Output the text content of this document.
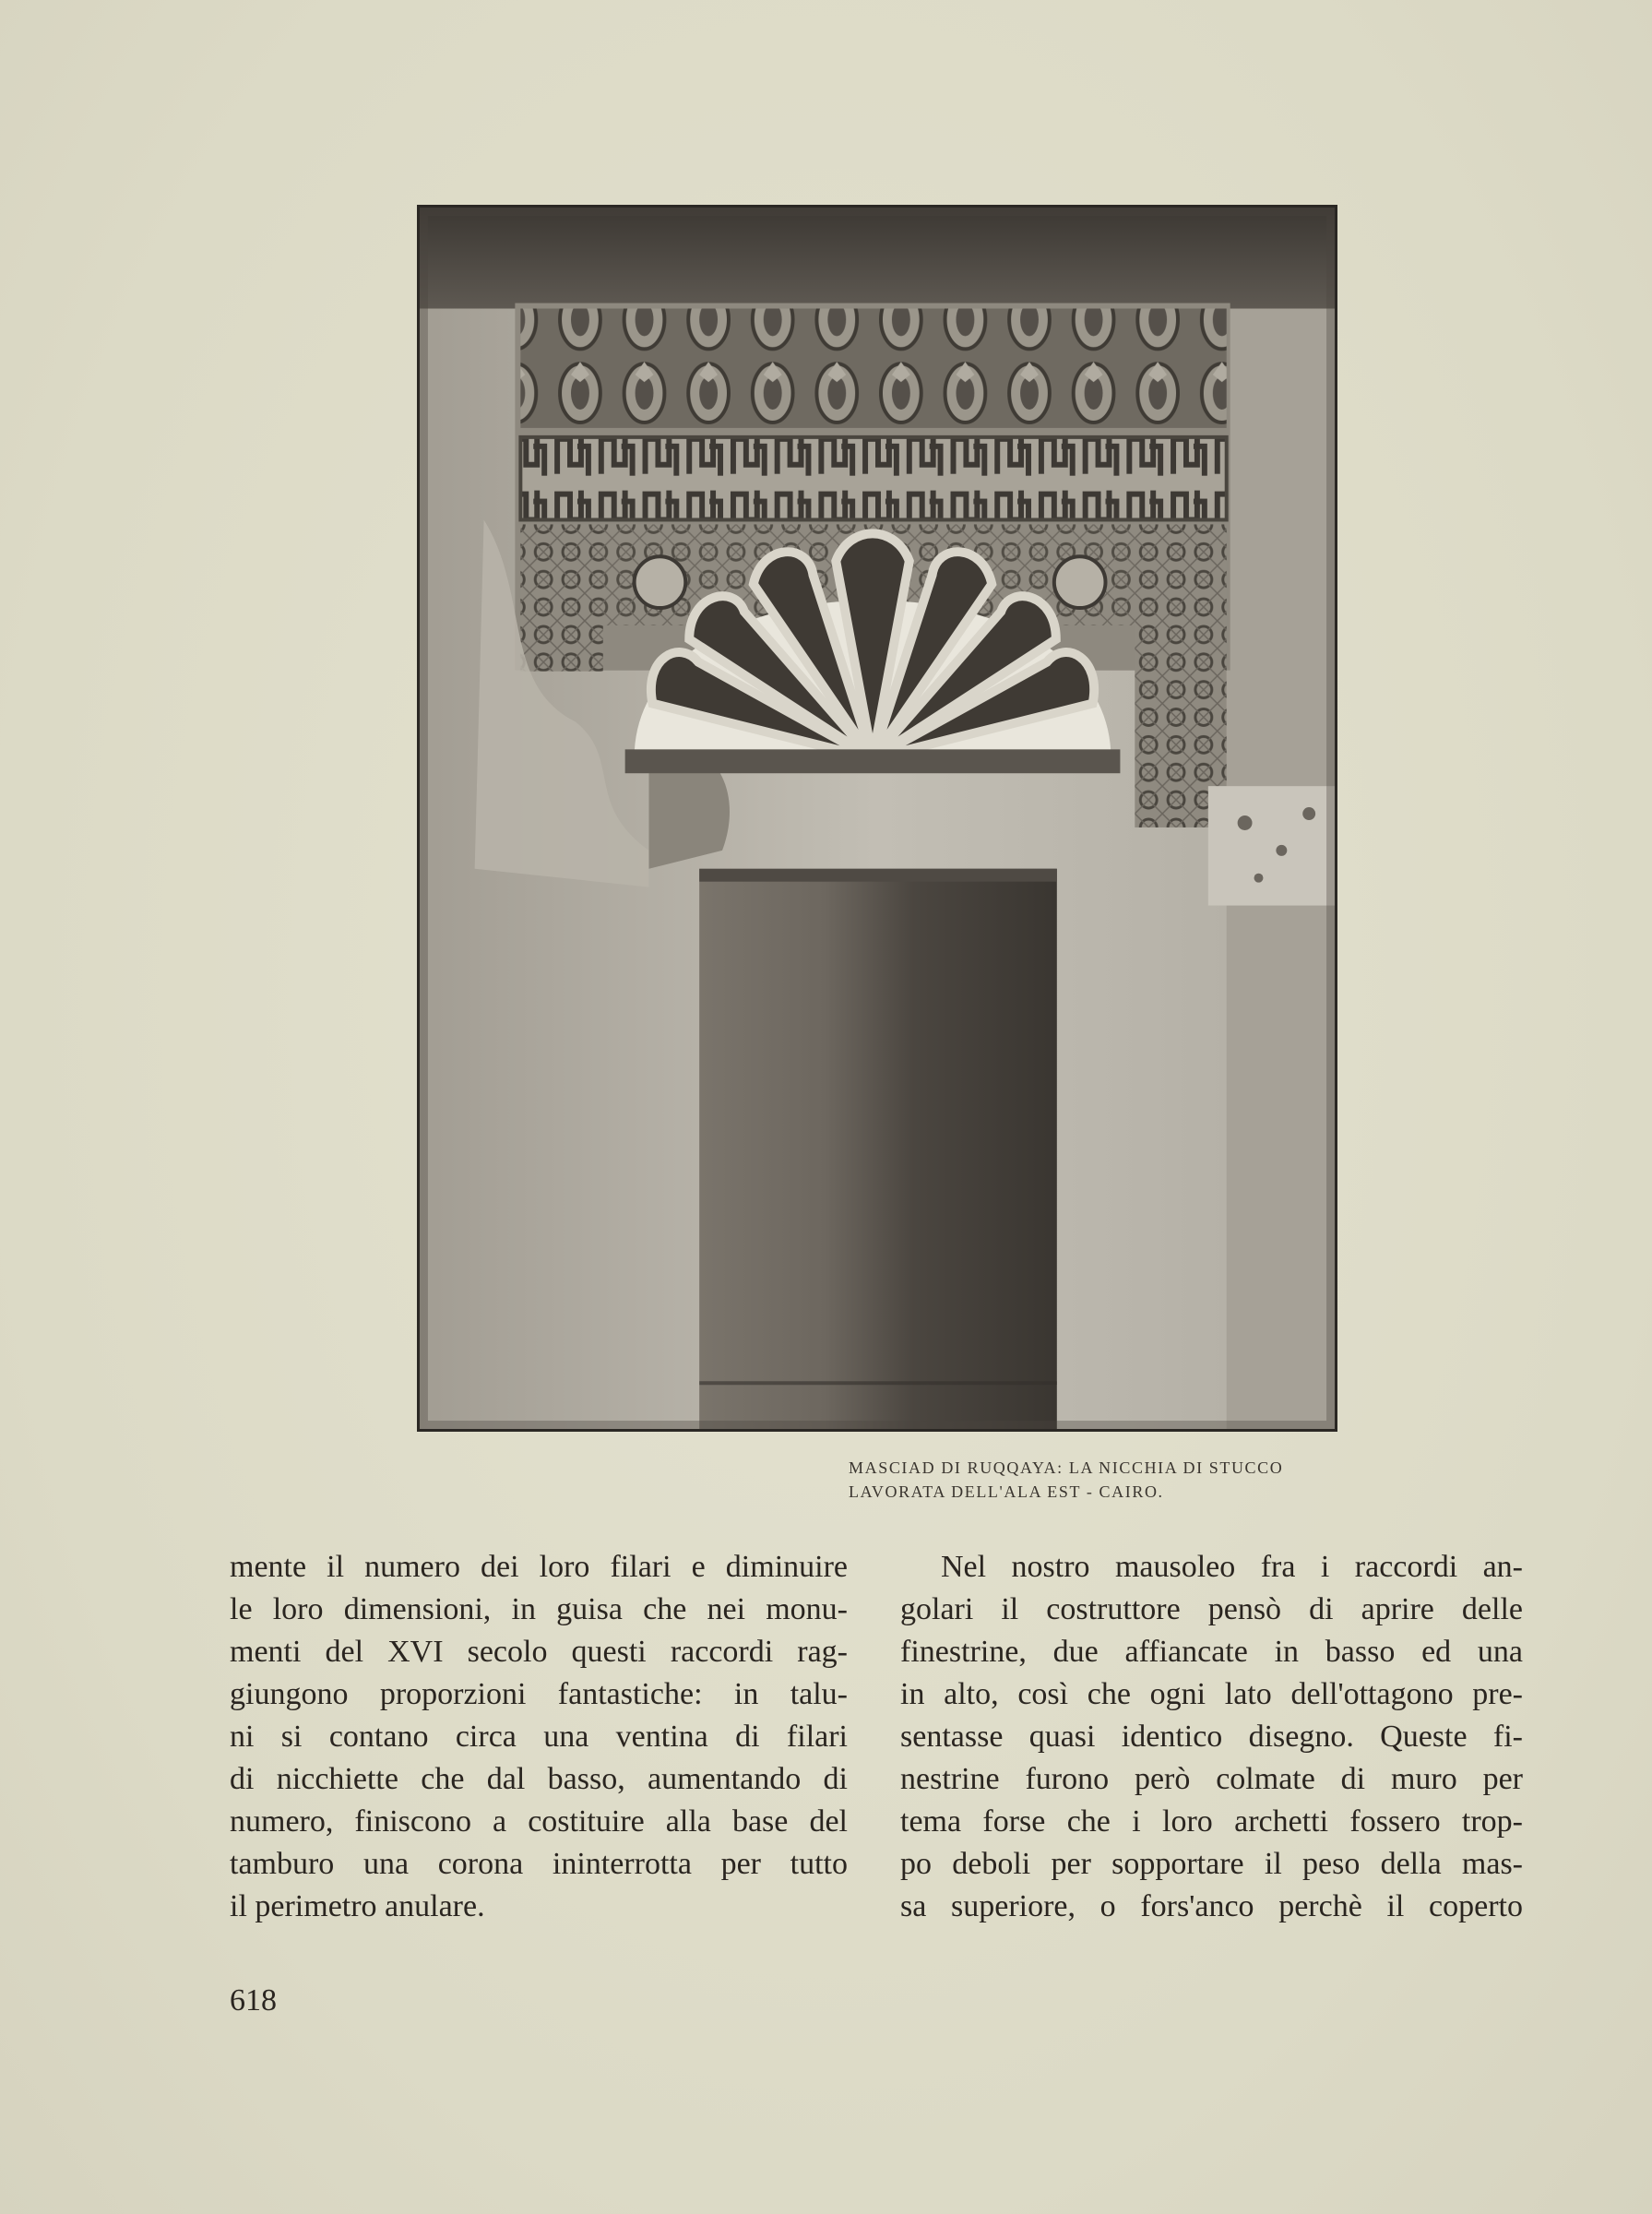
MASCIAD DI RUQQAYA: LA NICCHIA DI STUCCO
LAVORATA DELL'ALA EST - CAIRO.
mente il numero dei loro filari e diminuire
le loro dimensioni, in guisa che nei monu-
menti del XVI secolo questi raccordi rag-
giungono proporzioni fantastiche: in talu-
ni si contano circa una ventina di filari
di nicchiette che dal basso, aumentando di
numero, finiscono a costituire alla base del
tamburo una corona ininterrotta per tutto
il perimetro anulare.
Nel nostro mausoleo fra i raccordi an-
golari il costruttore pensò di aprire delle
finestrine, due affiancate in basso ed una
in alto, così che ogni lato dell'ottagono pre-
sentasse quasi identico disegno. Queste fi-
nestrine furono però colmate di muro per
tema forse che i loro archetti fossero trop-
po deboli per sopportare il peso della mas-
sa superiore, o fors'anco perchè il coperto
618
